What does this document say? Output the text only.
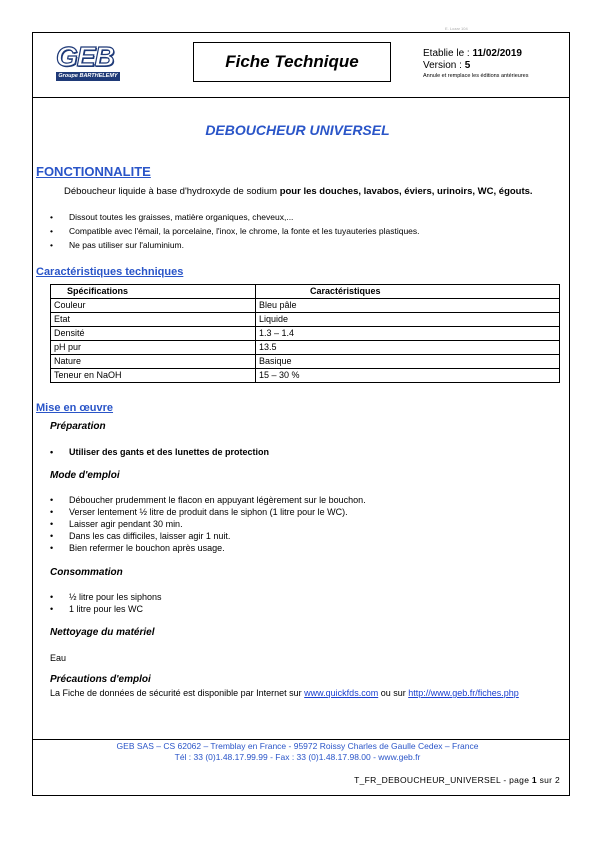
E. Lozar 104
GEB
Groupe BARTHELEMY
Fiche Technique	Etablie le : 11/02/2019
Version : 5
Annule et remplace les éditions antérieures
DEBOUCHEUR UNIVERSEL
FONCTIONNALITE
Déboucheur liquide à base d'hydroxyde de sodium pour les douches, lavabos, éviers, urinoirs, WC, égouts.
• Dissout toutes les graisses, matière organiques, cheveux,...
• Compatible avec l'émail, la porcelaine, l'inox, le chrome, la fonte et les tuyauteries plastiques.
• Ne pas utiliser sur l'aluminium.
Caractéristiques techniques
Spécifications	Caractéristiques
Couleur	Bleu pâle
Etat	Liquide
Densité	1.3 – 1.4
pH pur	13.5
Nature	Basique
Teneur en NaOH	15 – 30 %
Mise en œuvre
Préparation
• Utiliser des gants et des lunettes de protection
Mode d'emploi
• Déboucher prudemment le flacon en appuyant légèrement sur le bouchon.
• Verser lentement ½ litre de produit dans le siphon (1 litre pour le WC).
• Laisser agir pendant 30 min.
• Dans les cas difficiles, laisser agir 1 nuit.
• Bien refermer le bouchon après usage.
Consommation
• ½ litre pour les siphons
• 1 litre pour les WC
Nettoyage du matériel
Eau
Précautions d'emploi
La Fiche de données de sécurité est disponible par Internet sur www.quickfds.com ou sur http://www.geb.fr/fiches.php
GEB SAS – CS 62062 – Tremblay en France - 95972 Roissy Charles de Gaulle Cedex – France
Tél : 33 (0)1.48.17.99.99 - Fax : 33 (0)1.48.17.98.00 - www.geb.fr
T_FR_DEBOUCHEUR_UNIVERSEL - page 1 sur 2
